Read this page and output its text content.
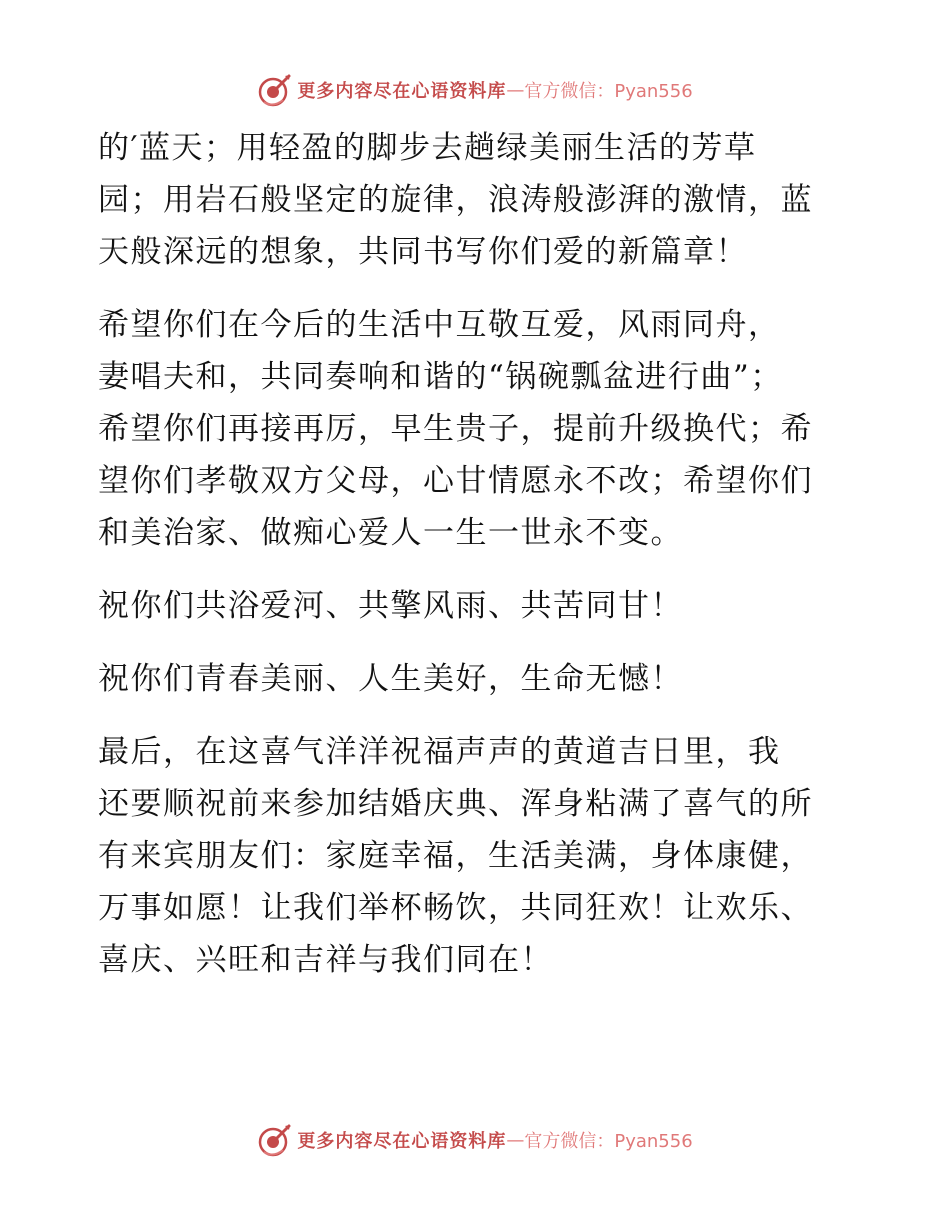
更多内容尽在心语资料库 — 官方微信：Pyan556

的′蓝天；用轻盈的脚步去趟绿美丽生活的芳草
园；用岩石般坚定的旋律，浪涛般澎湃的激情，蓝
天般深远的想象，共同书写你们爱的新篇章！

希望你们在今后的生活中互敬互爱，风雨同舟，
妻唱夫和，共同奏响和谐的“锅碗瓢盆进行曲”；
希望你们再接再厉，早生贵子，提前升级换代；希
望你们孝敬双方父母，心甘情愿永不改；希望你们
和美治家、做痴心爱人一生一世永不变。

祝你们共浴爱河、共擎风雨、共苦同甘！

祝你们青春美丽、人生美好，生命无憾！

最后，在这喜气洋洋祝福声声的黄道吉日里，我
还要顺祝前来参加结婚庆典、浑身粘满了喜气的所
有来宾朋友们：家庭幸福，生活美满，身体康健，
万事如愿！让我们举杯畅饮，共同狂欢！让欢乐、
喜庆、兴旺和吉祥与我们同在！

更多内容尽在心语资料库 — 官方微信：Pyan556
